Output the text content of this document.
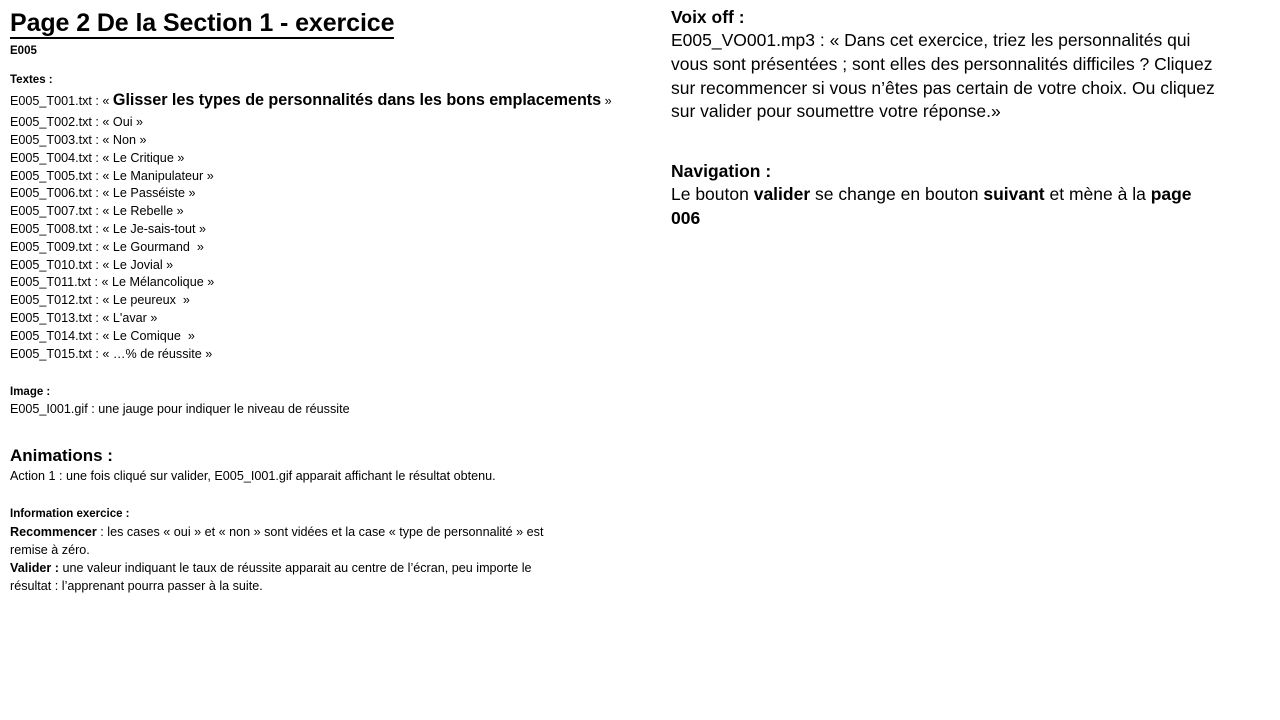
Page 2 De la Section 1 - exercice
E005
Textes :
E005_T001.txt : « Glisser les types de personnalités dans les bons emplacements »
E005_T002.txt : « Oui »
E005_T003.txt : « Non »
E005_T004.txt : « Le Critique »
E005_T005.txt : « Le Manipulateur »
E005_T006.txt : « Le Passéiste »
E005_T007.txt : « Le Rebelle »
E005_T008.txt : « Le Je-sais-tout »
E005_T009.txt : « Le Gourmand  »
E005_T010.txt : « Le Jovial »
E005_T011.txt : « Le Mélancolique »
E005_T012.txt : « Le peureux  »
E005_T013.txt : « L'avar »
E005_T014.txt : « Le Comique  »
E005_T015.txt : « …% de réussite »
Image :
E005_I001.gif : une jauge pour indiquer le niveau de réussite
Animations :
Action 1 : une fois cliqué sur valider, E005_I001.gif apparait affichant le résultat obtenu.
Information exercice :
Recommencer : les cases « oui » et « non » sont vidées et la case « type de personnalité » est remise à zéro.
Valider : une valeur indiquant le taux de réussite apparait au centre de l’écran, peu importe le résultat : l’apprenant pourra passer à la suite.
Voix off :
E005_VO001.mp3 : « Dans cet exercice, triez les personnalités qui vous sont présentées ; sont elles des personnalités difficiles ? Cliquez sur recommencer si vous n’êtes pas certain de votre choix. Ou cliquez sur valider pour soumettre votre réponse.»
Navigation :
Le bouton valider se change en bouton suivant et mène à la page 006
